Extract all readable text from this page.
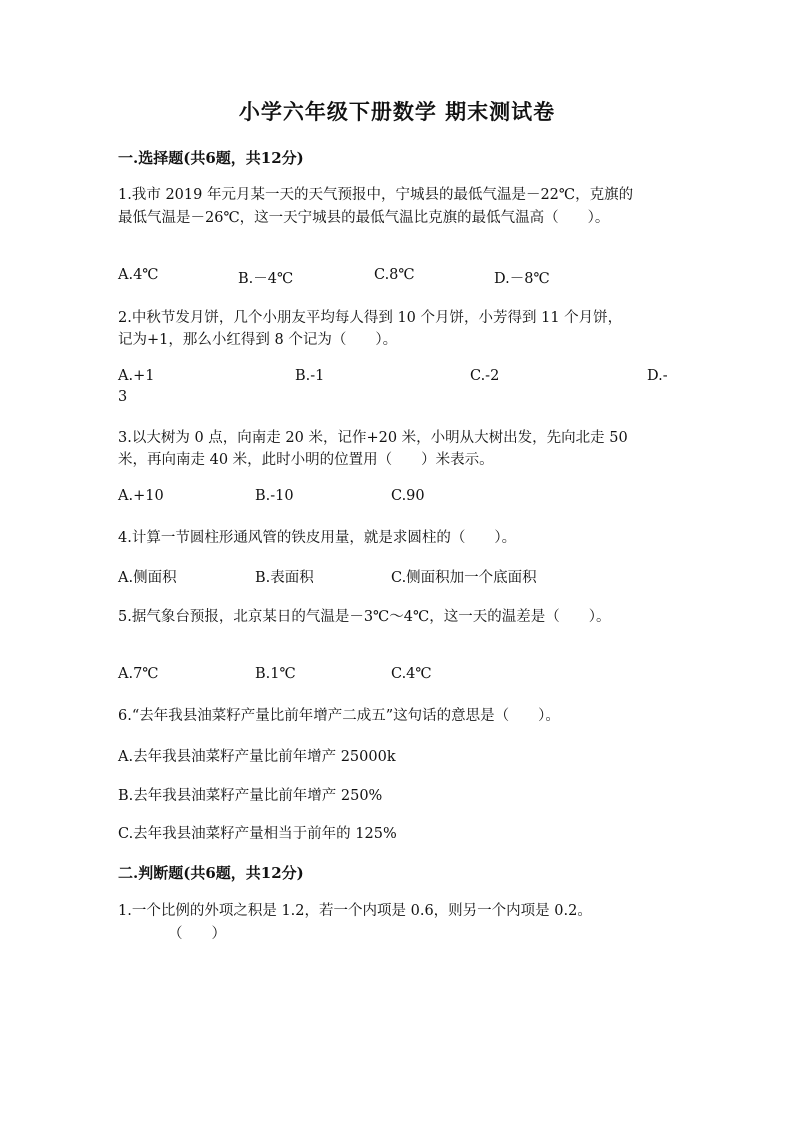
小学六年级下册数学 期末测试卷
一.选择题(共6题，共12分)
1.我市 2019 年元月某一天的天气预报中，宁城县的最低气温是－22℃，克旗的
最低气温是－26℃，这一天宁城县的最低气温比克旗的最低气温高（　　）。
A.4℃	B.－4℃	C.8℃	D.－8℃
2.中秋节发月饼，几个小朋友平均每人得到 10 个月饼，小芳得到 11 个月饼，
记为+1，那么小红得到 8 个记为（　　）。
A.+1	B.-1	C.-2	D.-
3
3.以大树为 0 点，向南走 20 米，记作+20 米，小明从大树出发，先向北走 50
米，再向南走 40 米，此时小明的位置用（　　）米表示。
A.+10	B.-10	C.90
4.计算一节圆柱形通风管的铁皮用量，就是求圆柱的（　　）。
A.侧面积	B.表面积	C.侧面积加一个底面积
5.据气象台预报，北京某日的气温是－3℃～4℃，这一天的温差是（　　）。
A.7℃	B.1℃	C.4℃
6.“去年我县油菜籽产量比前年增产二成五”这句话的意思是（　　）。
A.去年我县油菜籽产量比前年增产 25000k
B.去年我县油菜籽产量比前年增产 250%
C.去年我县油菜籽产量相当于前年的 125%
二.判断题(共6题，共12分)
1.一个比例的外项之积是 1.2，若一个内项是 0.6，则另一个内项是 0.2。
（　　）
